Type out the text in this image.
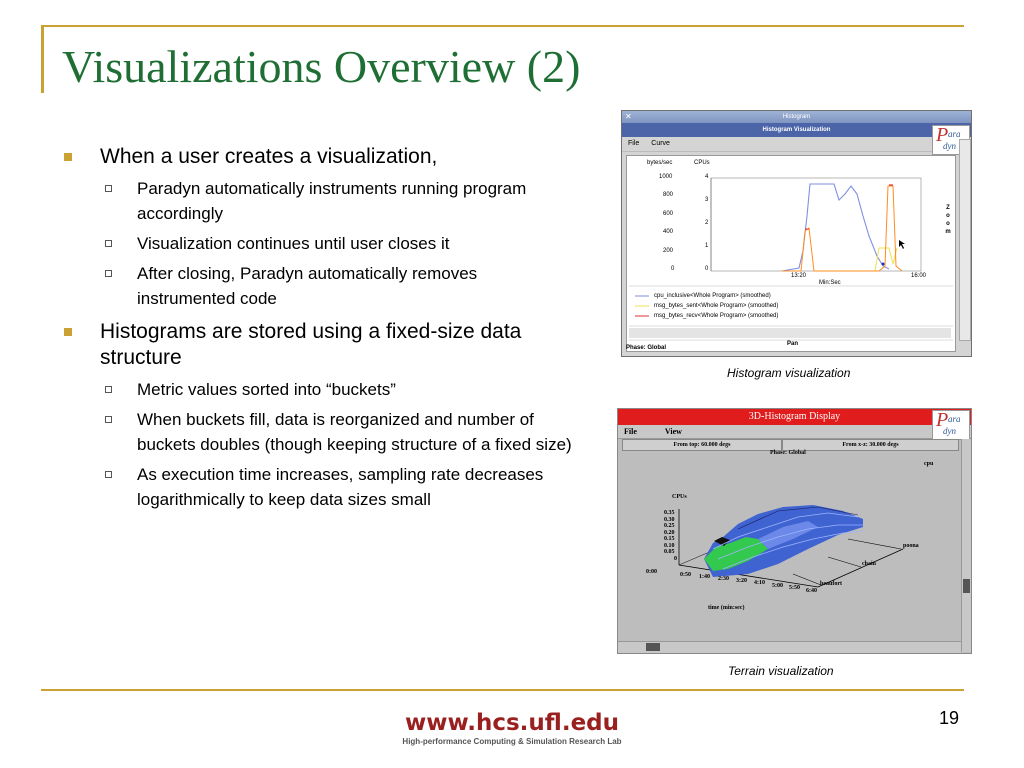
Visualizations Overview (2)
When a user creates a visualization,
Paradyn automatically instruments running program accordingly
Visualization continues until user closes it
After closing, Paradyn automatically removes instrumented code
Histograms are stored using a fixed-size data structure
Metric values sorted into “buckets”
When buckets fill, data is reorganized and number of buckets doubles (though keeping structure of a fixed size)
As execution time increases, sampling rate decreases logarithmically to keep data sizes small
Histogram
✕
Histogram Visualization
File Curve	P ara
dyn
bytes/sec	CPUs
1000
800
600
400
200
0
4
3
2
1
0
13:20	16:00
Min:Sec
Z o o m
cpu_inclusive<Whole Program> (smoothed)
msg_bytes_sent<Whole Program> (smoothed)
msg_bytes_recv<Whole Program> (smoothed)
Pan
Phase: Global
Histogram visualization
3D-Histogram Display
File	View
P ara
dyn
From top: 60.000 degs	From x-z: 30.000 degs
Phase: Global
cpu
CPUs
0.35
0.30
0.25
0.20
0.15
0.10
0.05
0
0:00	0:50 1:40 2:30 3:20 4:10 5:00 5:50 6:40
poona
chain
beaufort
time (min:sec)
Terrain visualization
www.hcs.ufl.edu
High-performance Computing & Simulation Research Lab
19
